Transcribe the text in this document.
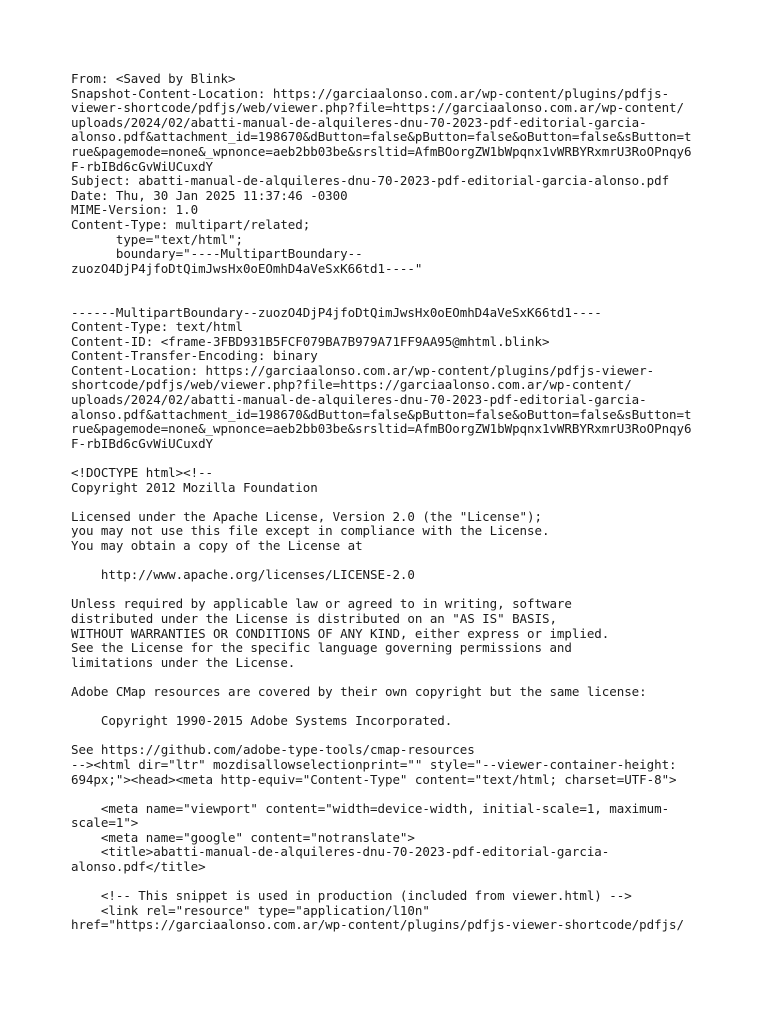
From: <Saved by Blink>
Snapshot-Content-Location: https://garciaalonso.com.ar/wp-content/plugins/pdfjs-
viewer-shortcode/pdfjs/web/viewer.php?file=https://garciaalonso.com.ar/wp-content/
uploads/2024/02/abatti-manual-de-alquileres-dnu-70-2023-pdf-editorial-garcia-
alonso.pdf&attachment_id=198670&dButton=false&pButton=false&oButton=false&sButton=t
rue&pagemode=none&_wpnonce=aeb2bb03be&srsltid=AfmBOorgZW1bWpqnx1vWRBYRxmrU3RoOPnqy6
F-rbIBd6cGvWiUCuxdY
Subject: abatti-manual-de-alquileres-dnu-70-2023-pdf-editorial-garcia-alonso.pdf
Date: Thu, 30 Jan 2025 11:37:46 -0300
MIME-Version: 1.0
Content-Type: multipart/related;
type="text/html";
boundary="----MultipartBoundary--
zuozO4DjP4jfoDtQimJwsHx0oEOmhD4aVeSxK66td1----"
------MultipartBoundary--zuozO4DjP4jfoDtQimJwsHx0oEOmhD4aVeSxK66td1----
Content-Type: text/html
Content-ID: <frame-3FBD931B5FCF079BA7B979A71FF9AA95@mhtml.blink>
Content-Transfer-Encoding: binary
Content-Location: https://garciaalonso.com.ar/wp-content/plugins/pdfjs-viewer-
shortcode/pdfjs/web/viewer.php?file=https://garciaalonso.com.ar/wp-content/
uploads/2024/02/abatti-manual-de-alquileres-dnu-70-2023-pdf-editorial-garcia-
alonso.pdf&attachment_id=198670&dButton=false&pButton=false&oButton=false&sButton=t
rue&pagemode=none&_wpnonce=aeb2bb03be&srsltid=AfmBOorgZW1bWpqnx1vWRBYRxmrU3RoOPnqy6
F-rbIBd6cGvWiUCuxdY
<!DOCTYPE html><!--
Copyright 2012 Mozilla Foundation
Licensed under the Apache License, Version 2.0 (the "License");
you may not use this file except in compliance with the License.
You may obtain a copy of the License at
http://www.apache.org/licenses/LICENSE-2.0
Unless required by applicable law or agreed to in writing, software
distributed under the License is distributed on an "AS IS" BASIS,
WITHOUT WARRANTIES OR CONDITIONS OF ANY KIND, either express or implied.
See the License for the specific language governing permissions and
limitations under the License.
Adobe CMap resources are covered by their own copyright but the same license:
Copyright 1990-2015 Adobe Systems Incorporated.
See https://github.com/adobe-type-tools/cmap-resources
--><html dir="ltr" mozdisallowselectionprint="" style="--viewer-container-height:
694px;"><head><meta http-equiv="Content-Type" content="text/html; charset=UTF-8">
<meta name="viewport" content="width=device-width, initial-scale=1, maximum-
scale=1">
<meta name="google" content="notranslate">
<title>abatti-manual-de-alquileres-dnu-70-2023-pdf-editorial-garcia-
alonso.pdf</title>
<!-- This snippet is used in production (included from viewer.html) -->
<link rel="resource" type="application/l10n"
href="https://garciaalonso.com.ar/wp-content/plugins/pdfjs-viewer-shortcode/pdfjs/
